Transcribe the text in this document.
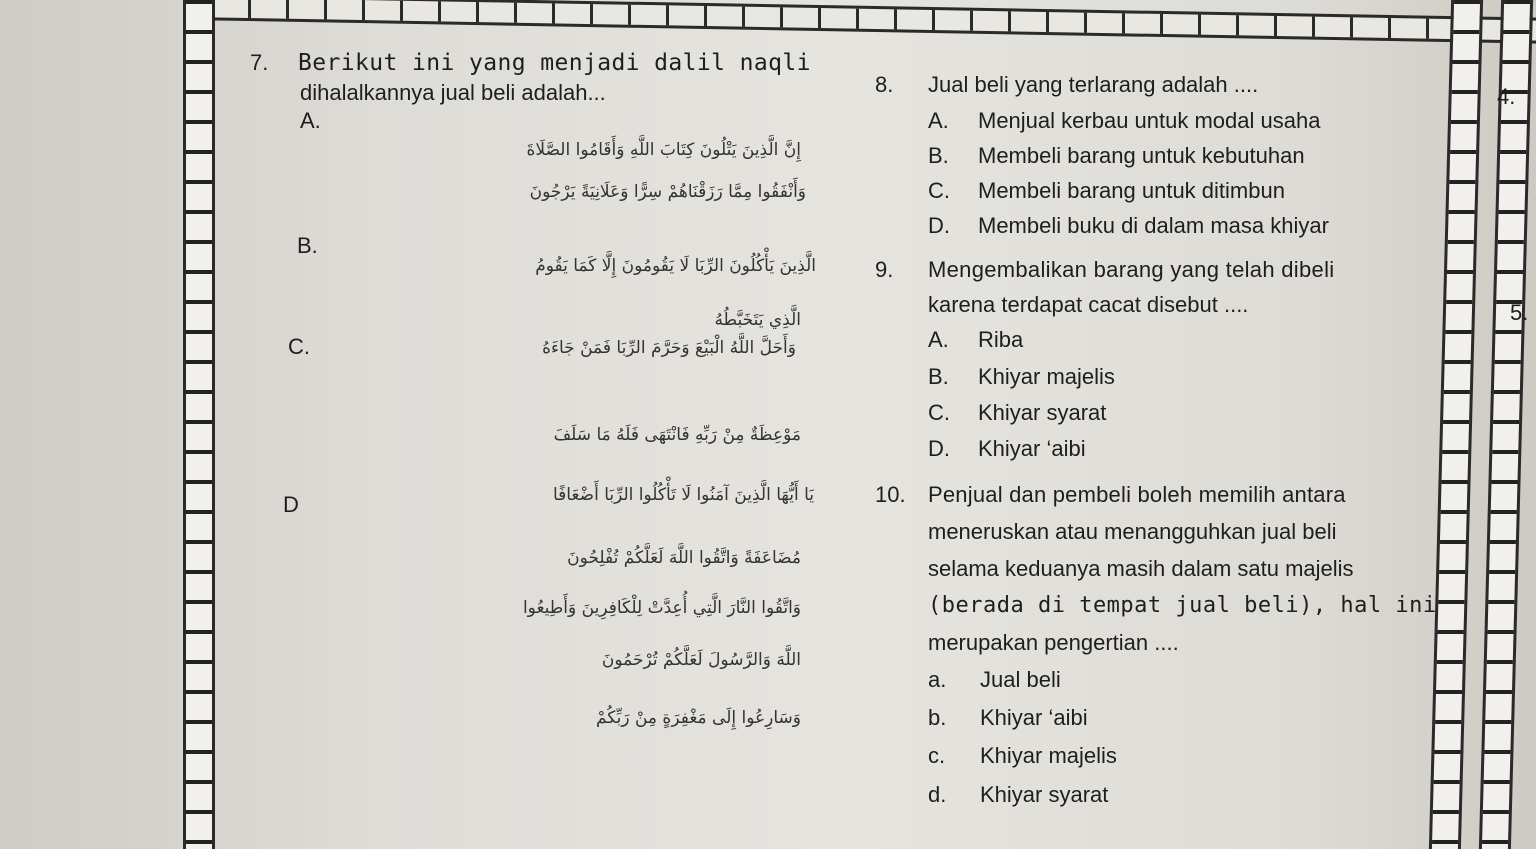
7. Berikut ini yang menjadi dalil naqli
dihalalkannya jual beli adalah...
A.
إِنَّ الَّذِينَ يَتْلُونَ كِتَابَ اللَّهِ وَأَقَامُوا الصَّلَاةَ
وَأَنْفَقُوا مِمَّا رَزَقْنَاهُمْ سِرًّا وَعَلَانِيَةً يَرْجُونَ
B.
الَّذِينَ يَأْكُلُونَ الرِّبَا لَا يَقُومُونَ إِلَّا كَمَا يَقُومُ
الَّذِي يَتَخَبَّطُهُ
C.	وَأَحَلَّ اللَّهُ الْبَيْعَ وَحَرَّمَ الرِّبَا فَمَنْ جَاءَهُ
مَوْعِظَةٌ مِنْ رَبِّهِ فَانْتَهَى فَلَهُ مَا سَلَفَ
D	يَا أَيُّهَا الَّذِينَ آمَنُوا لَا تَأْكُلُوا الرِّبَا أَضْعَافًا
مُضَاعَفَةً وَاتَّقُوا اللَّهَ لَعَلَّكُمْ تُفْلِحُونَ
وَاتَّقُوا النَّارَ الَّتِي أُعِدَّتْ لِلْكَافِرِينَ وَأَطِيعُوا
اللَّهَ وَالرَّسُولَ لَعَلَّكُمْ تُرْحَمُونَ
وَسَارِعُوا إِلَى مَغْفِرَةٍ مِنْ رَبِّكُمْ
8. Jual beli yang terlarang adalah ....
A. Menjual kerbau untuk modal usaha
B. Membeli barang untuk kebutuhan
C. Membeli barang untuk ditimbun
D. Membeli buku di dalam masa khiyar
9. Mengembalikan barang yang telah dibeli
karena terdapat cacat disebut ....
A. Riba
B. Khiyar majelis
C. Khiyar syarat
D. Khiyar ‘aibi
10. Penjual dan pembeli boleh memilih antara
meneruskan atau menangguhkan jual beli
selama keduanya masih dalam satu majelis
(berada di tempat jual beli), hal ini
merupakan pengertian ....
a. Jual beli
b. Khiyar ‘aibi
c. Khiyar majelis
d. Khiyar syarat
4.
5.
